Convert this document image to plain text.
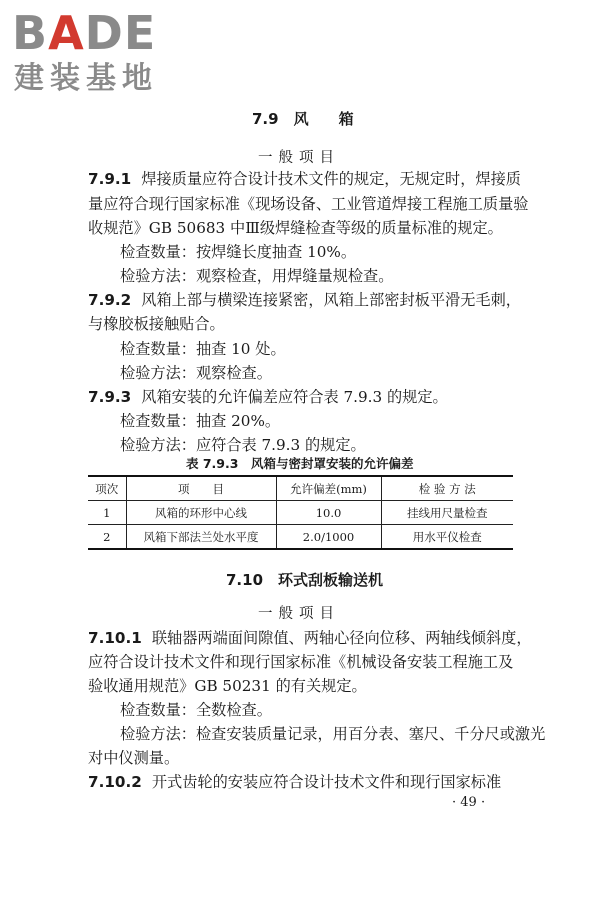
BADE
建装基地
7.9　风　　箱
一般项目
7.9.1 焊接质量应符合设计技术文件的规定，无规定时，焊接质
量应符合现行国家标准《现场设备、工业管道焊接工程施工质量验
收规范》GB 50683 中Ⅲ级焊缝检查等级的质量标准的规定。
检查数量：按焊缝长度抽查 10%。
检验方法：观察检查，用焊缝量规检查。
7.9.2 风箱上部与横梁连接紧密，风箱上部密封板平滑无毛刺，
与橡胶板接触贴合。
检查数量：抽查 10 处。
检验方法：观察检查。
7.9.3 风箱安装的允许偏差应符合表 7.9.3 的规定。
检查数量：抽查 20%。
检验方法：应符合表 7.9.3 的规定。
表 7.9.3　风箱与密封罩安装的允许偏差
项次	项　　目	允许偏差(mm)	检 验 方 法
1	风箱的环形中心线	10.0	挂线用尺量检查
2	风箱下部法兰处水平度	2.0/1000	用水平仪检查
7.10　环式刮板输送机
一般项目
7.10.1 联轴器两端面间隙值、两轴心径向位移、两轴线倾斜度，
应符合设计技术文件和现行国家标准《机械设备安装工程施工及
验收通用规范》GB 50231 的有关规定。
检查数量：全数检查。
检验方法：检查安装质量记录，用百分表、塞尺、千分尺或激光
对中仪测量。
7.10.2 开式齿轮的安装应符合设计技术文件和现行国家标准
· 49 ·
